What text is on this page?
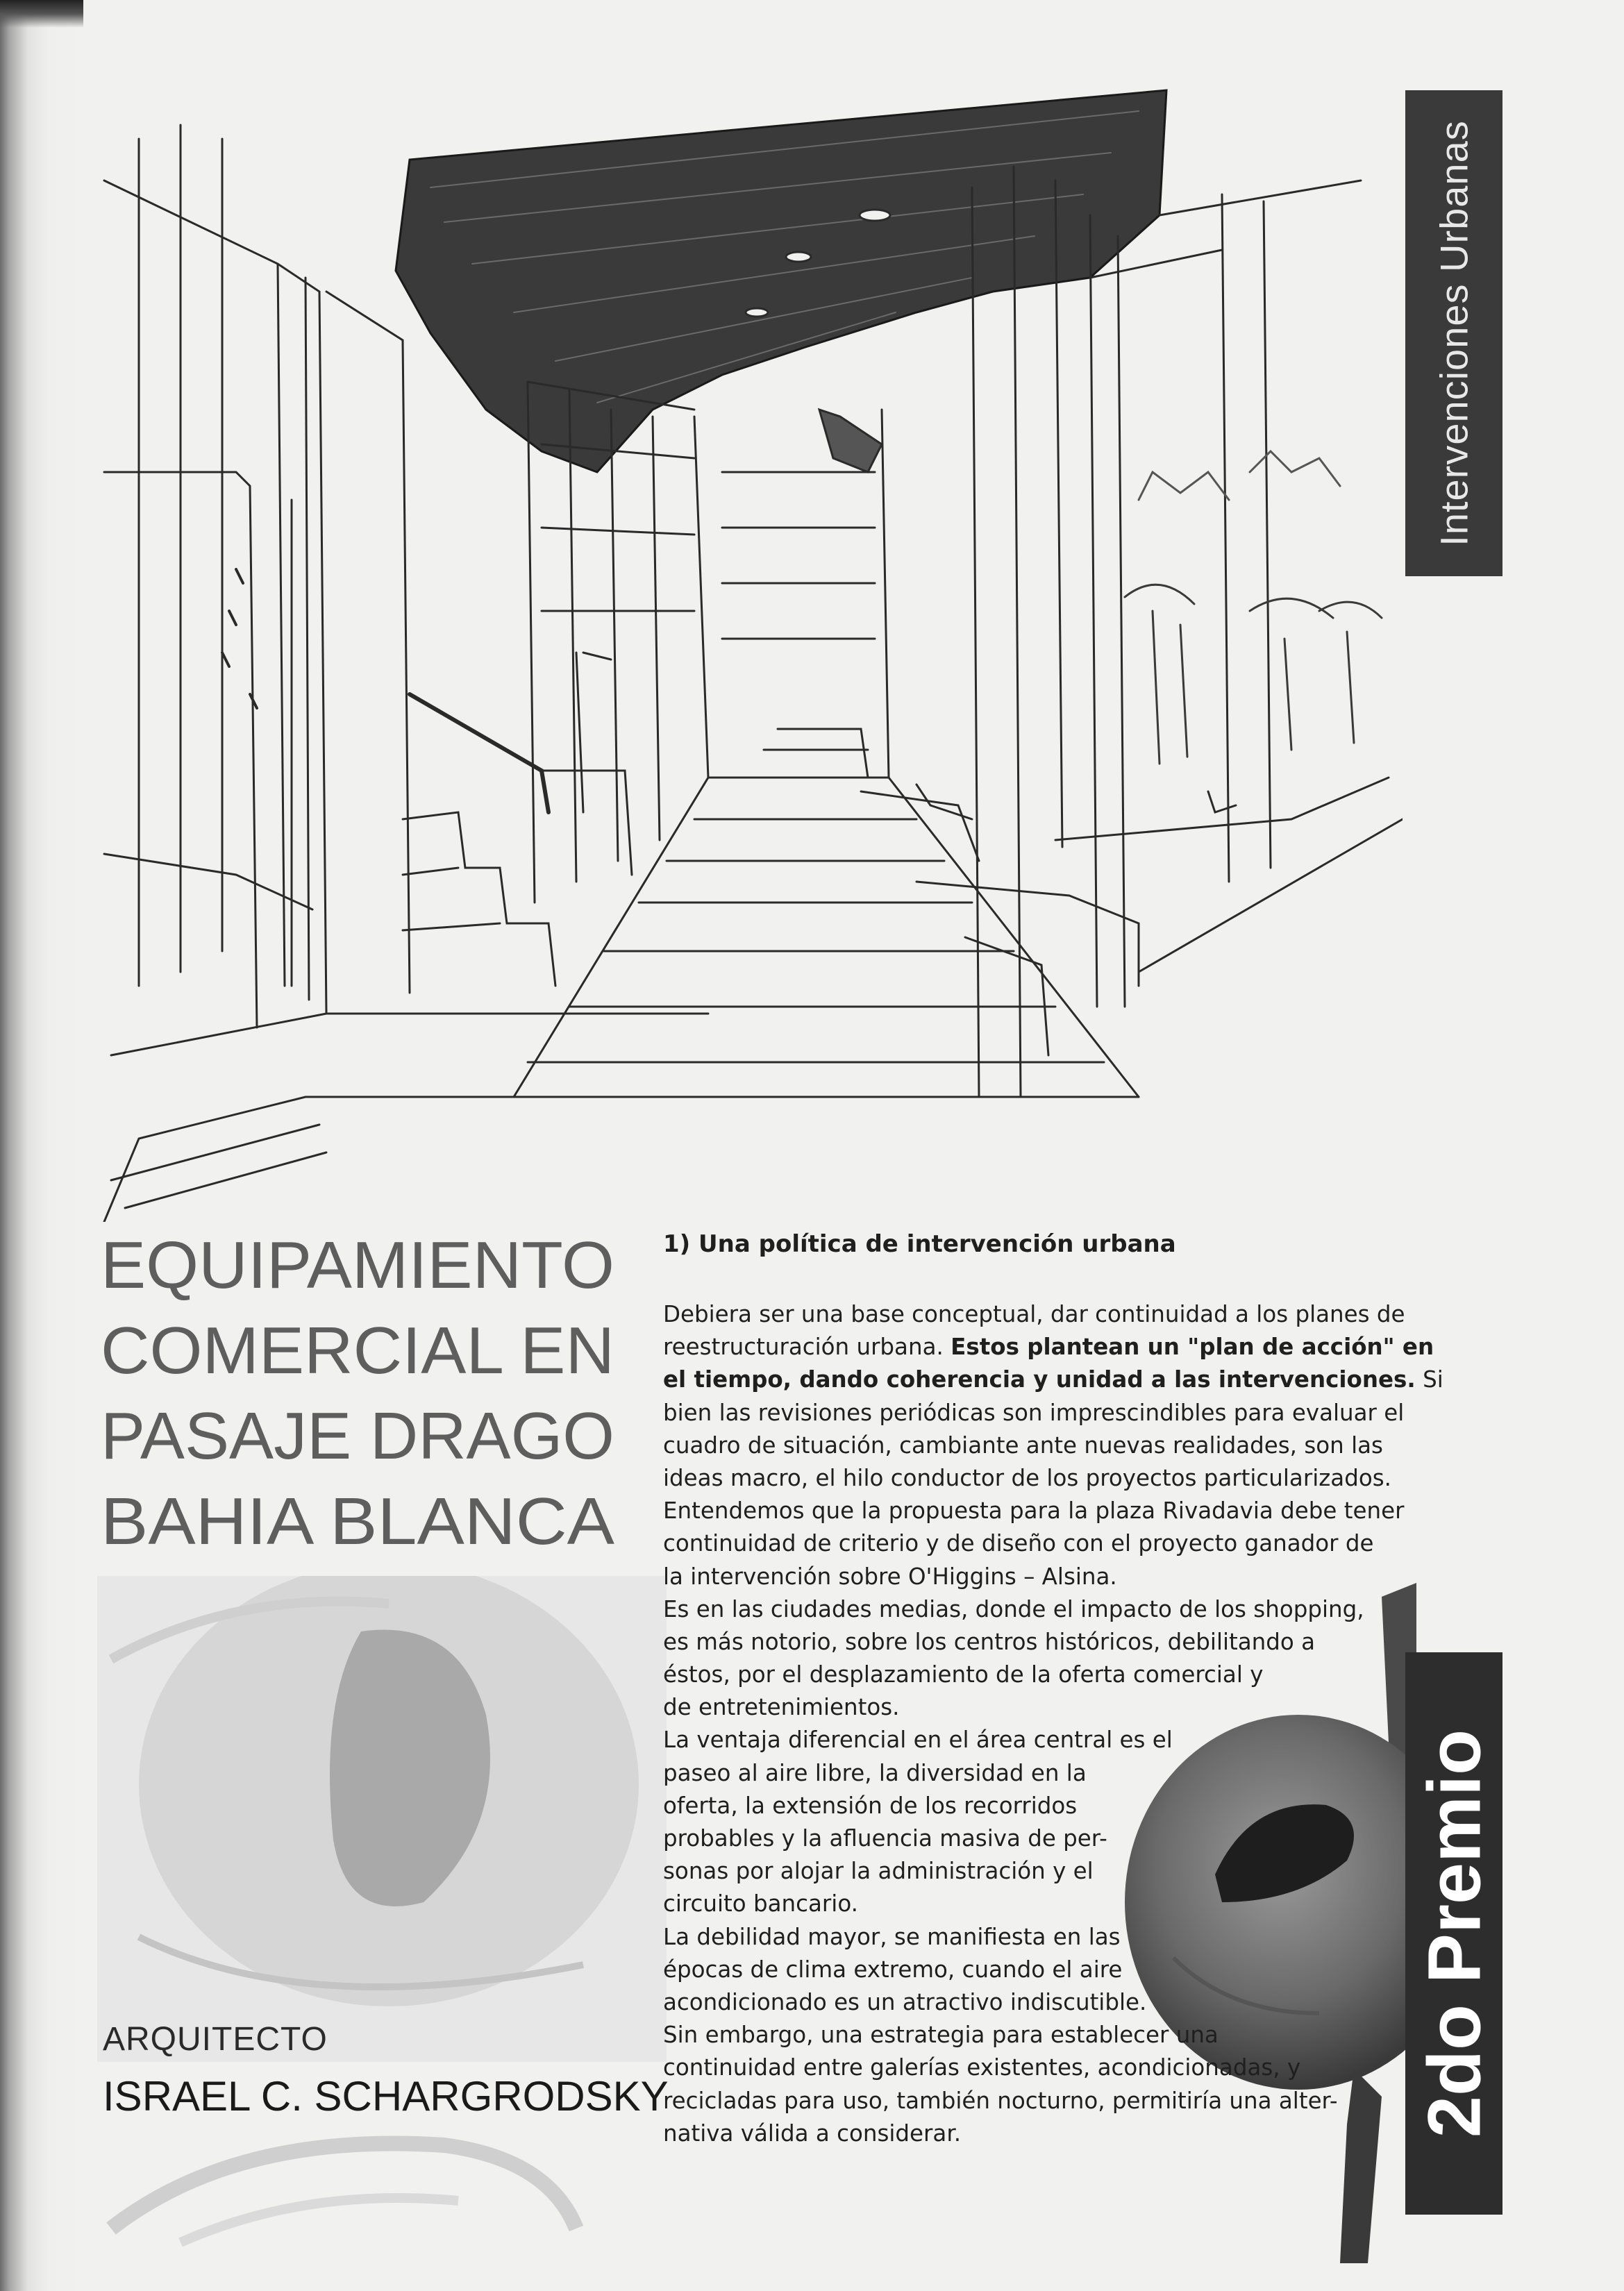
Intervenciones Urbanas
EQUIPAMIENTO
COMERCIAL EN
PASAJE DRAGO
BAHIA BLANCA
ARQUITECTO
ISRAEL C. SCHARGRODSKY	2do Premio
1) Una política de intervención urbana
Debiera ser una base conceptual, dar continuidad a los planes de
reestructuración urbana. Estos plantean un "plan de acción" en
el tiempo, dando coherencia y unidad a las intervenciones. Si
bien las revisiones periódicas son imprescindibles para evaluar el
cuadro de situación, cambiante ante nuevas realidades, son las
ideas macro, el hilo conductor de los proyectos particularizados.
Entendemos que la propuesta para la plaza Rivadavia debe tener
continuidad de criterio y de diseño con el proyecto ganador de
la intervención sobre O'Higgins – Alsina.
Es en las ciudades medias, donde el impacto de los shopping,
es más notorio, sobre los centros históricos, debilitando a
éstos, por el desplazamiento de la oferta comercial y
de entretenimientos.
La ventaja diferencial en el área central es el
paseo al aire libre, la diversidad en la
oferta, la extensión de los recorridos
probables y la afluencia masiva de per-
sonas por alojar la administración y el
circuito bancario.
La debilidad mayor, se manifiesta en las
épocas de clima extremo, cuando el aire
acondicionado es un atractivo indiscutible.
Sin embargo, una estrategia para establecer una
continuidad entre galerías existentes, acondicionadas, y
recicladas para uso, también nocturno, permitiría una alter-
nativa válida a considerar.
